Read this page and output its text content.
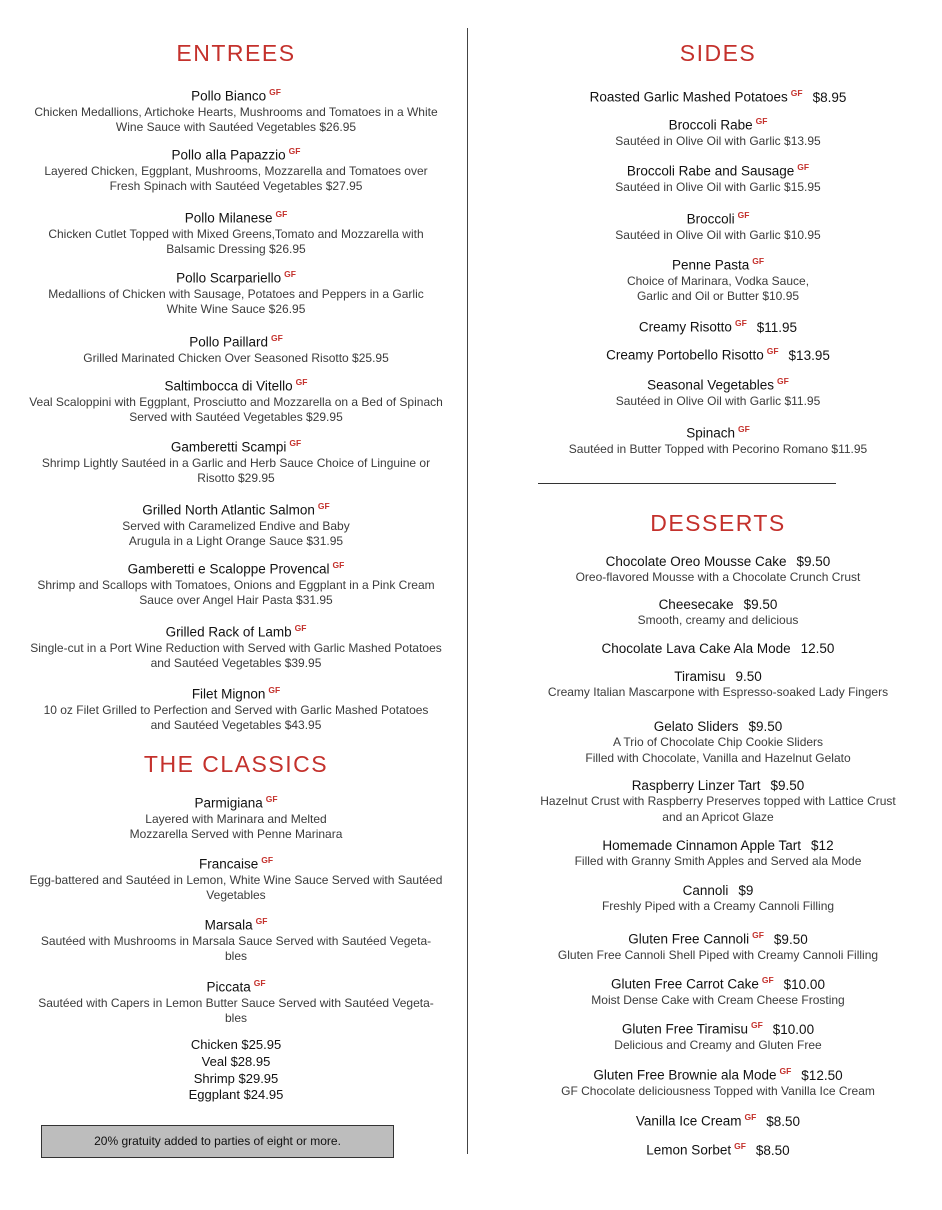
ENTREES
Pollo Bianco $^{GF}$
Chicken Medallions, Artichoke Hearts, Mushrooms and Tomatoes in a White
Wine Sauce with Sautéed Vegetables $26.95
Pollo alla Papazzio $^{GF}$
Layered Chicken, Eggplant, Mushrooms, Mozzarella and Tomatoes over
Fresh Spinach with Sautéed Vegetables $27.95
Pollo Milanese $^{GF}$
Chicken Cutlet Topped with Mixed Greens,Tomato and Mozzarella with
Balsamic Dressing $26.95
Pollo Scarpariello $^{GF}$
Medallions of Chicken with Sausage, Potatoes and Peppers in a Garlic
White Wine Sauce $26.95
Pollo Paillard $^{GF}$
Grilled Marinated Chicken Over Seasoned Risotto $25.95
Saltimbocca di Vitello $^{GF}$
Veal Scaloppini with Eggplant, Prosciutto and Mozzarella on a Bed of Spinach
Served with Sautéed Vegetables $29.95
Gamberetti Scampi $^{GF}$
Shrimp Lightly Sautéed in a Garlic and Herb Sauce Choice of Linguine or
Risotto $29.95
Grilled North Atlantic Salmon $^{GF}$
Served with Caramelized Endive and Baby
Arugula in a Light Orange Sauce $31.95
Gamberetti e Scaloppe Provencal $^{GF}$
Shrimp and Scallops with Tomatoes, Onions and Eggplant in a Pink Cream
Sauce over Angel Hair Pasta $31.95
Grilled Rack of Lamb $^{GF}$
Single-cut in a Port Wine Reduction with Served with Garlic Mashed Potatoes
and Sautéed Vegetables $39.95
Filet Mignon $^{GF}$
10 oz Filet Grilled to Perfection and Served with Garlic Mashed Potatoes
and Sautéed Vegetables $43.95
THE CLASSICS
Parmigiana $^{GF}$
Layered with Marinara and Melted
Mozzarella Served with Penne Marinara
Francaise $^{GF}$
Egg-battered and Sautéed in Lemon, White Wine Sauce Served with Sautéed
Vegetables
Marsala $^{GF}$
Sautéed with Mushrooms in Marsala Sauce Served with Sautéed Vegeta-
bles
Piccata $^{GF}$
Sautéed with Capers in Lemon Butter Sauce Served with Sautéed Vegeta-
bles
Chicken $25.95
Veal $28.95
Shrimp $29.95
Eggplant $24.95
20% gratuity added to parties of eight or more.
SIDES
Roasted Garlic Mashed Potatoes $^{GF}$ $8.95
Broccoli Rabe $^{GF}$
Sautéed in Olive Oil with Garlic $13.95
Broccoli Rabe and Sausage $^{GF}$
Sautéed in Olive Oil with Garlic $15.95
Broccoli $^{GF}$
Sautéed in Olive Oil with Garlic $10.95
Penne Pasta $^{GF}$
Choice of Marinara, Vodka Sauce,
Garlic and Oil or Butter $10.95
Creamy Risotto $^{GF}$ $11.95
Creamy Portobello Risotto $^{GF}$ $13.95
Seasonal Vegetables $^{GF}$
Sautéed in Olive Oil with Garlic $11.95
Spinach $^{GF}$
Sautéed in Butter Topped with Pecorino Romano $11.95
DESSERTS
Chocolate Oreo Mousse Cake $9.50
Oreo-flavored Mousse with a Chocolate Crunch Crust
Cheesecake $9.50
Smooth, creamy and delicious
Chocolate Lava Cake Ala Mode 12.50
Tiramisu 9.50
Creamy Italian Mascarpone with Espresso-soaked Lady Fingers
Gelato Sliders $9.50
A Trio of Chocolate Chip Cookie Sliders
Filled with Chocolate, Vanilla and Hazelnut Gelato
Raspberry Linzer Tart $9.50
Hazelnut Crust with Raspberry Preserves topped with Lattice Crust
and an Apricot Glaze
Homemade Cinnamon Apple Tart $12
Filled with Granny Smith Apples and Served ala Mode
Cannoli $9
Freshly Piped with a Creamy Cannoli Filling
Gluten Free Cannoli $^{GF}$ $9.50
Gluten Free Cannoli Shell Piped with Creamy Cannoli Filling
Gluten Free Carrot Cake $^{GF}$ $10.00
Moist Dense Cake with Cream Cheese Frosting
Gluten Free Tiramisu $^{GF}$ $10.00
Delicious and Creamy and Gluten Free
Gluten Free Brownie ala Mode $^{GF}$ $12.50
GF Chocolate deliciousness Topped with Vanilla Ice Cream
Vanilla Ice Cream $^{GF}$ $8.50
Lemon Sorbet $^{GF}$ $8.50
